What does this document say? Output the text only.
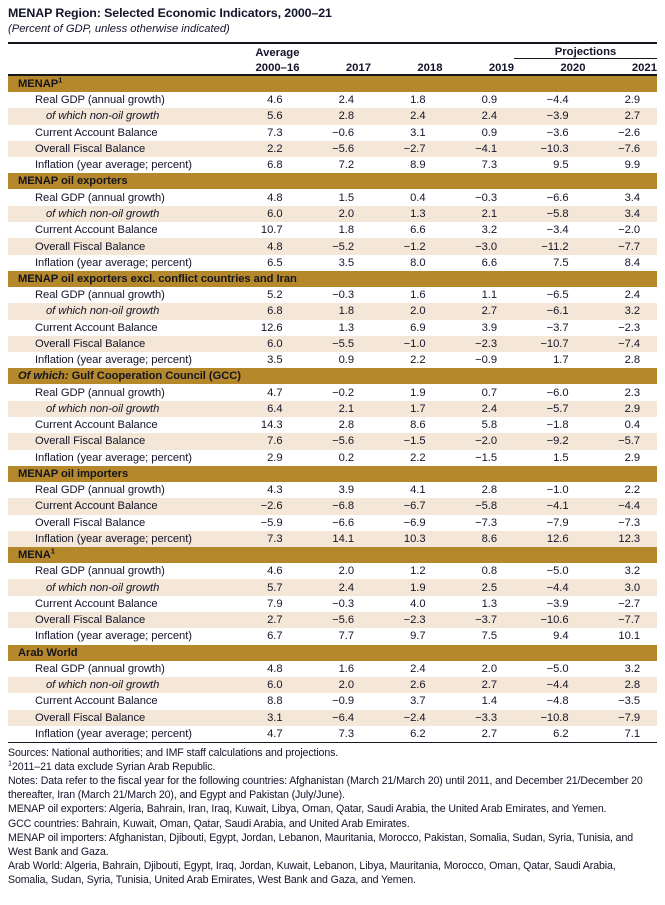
MENAP Region: Selected Economic Indicators, 2000–21
(Percent of GDP, unless otherwise indicated)

	Average				Projections	
	2000–16	2017	2018	2019	2020	2021

MENAP$^1$
Real GDP (annual growth)	4.6	2.4	1.8	0.9	−4.4	2.9
of which non-oil growth	5.6	2.8	2.4	2.4	−3.9	2.7
Current Account Balance	7.3	−0.6	3.1	0.9	−3.6	−2.6
Overall Fiscal Balance	2.2	−5.6	−2.7	−4.1	−10.3	−7.6
Inflation (year average; percent)	6.8	7.2	8.9	7.3	9.5	9.9
MENAP oil exporters						
Real GDP (annual growth)	4.8	1.5	0.4	−0.3	−6.6	3.4
of which non-oil growth	6.0	2.0	1.3	2.1	−5.8	3.4
Current Account Balance	10.7	1.8	6.6	3.2	−3.4	−2.0
Overall Fiscal Balance	4.8	−5.2	−1.2	−3.0	−11.2	−7.7
Inflation (year average; percent)	6.5	3.5	8.0	6.6	7.5	8.4
MENAP oil exporters excl. conflict countries and Iran						
Real GDP (annual growth)	5.2	−0.3	1.6	1.1	−6.5	2.4
of which non-oil growth	6.8	1.8	2.0	2.7	−6.1	3.2
Current Account Balance	12.6	1.3	6.9	3.9	−3.7	−2.3
Overall Fiscal Balance	6.0	−5.5	−1.0	−2.3	−10.7	−7.4
Inflation (year average; percent)	3.5	0.9	2.2	−0.9	1.7	2.8
Of which: Gulf Cooperation Council (GCC)						
Real GDP (annual growth)	4.7	−0.2	1.9	0.7	−6.0	2.3
of which non-oil growth	6.4	2.1	1.7	2.4	−5.7	2.9
Current Account Balance	14.3	2.8	8.6	5.8	−1.8	0.4
Overall Fiscal Balance	7.6	−5.6	−1.5	−2.0	−9.2	−5.7
Inflation (year average; percent)	2.9	0.2	2.2	−1.5	1.5	2.9
MENAP oil importers						
Real GDP (annual growth)	4.3	3.9	4.1	2.8	−1.0	2.2
Current Account Balance	−2.6	−6.8	−6.7	−5.8	−4.1	−4.4
Overall Fiscal Balance	−5.9	−6.6	−6.9	−7.3	−7.9	−7.3
Inflation (year average; percent)	7.3	14.1	10.3	8.6	12.6	12.3
MENA$^1$
Real GDP (annual growth)	4.6	2.0	1.2	0.8	−5.0	3.2
of which non-oil growth	5.7	2.4	1.9	2.5	−4.4	3.0
Current Account Balance	7.9	−0.3	4.0	1.3	−3.9	−2.7
Overall Fiscal Balance	2.7	−5.6	−2.3	−3.7	−10.6	−7.7
Inflation (year average; percent)	6.7	7.7	9.7	7.5	9.4	10.1
Arab World						
Real GDP (annual growth)	4.8	1.6	2.4	2.0	−5.0	3.2
of which non-oil growth	6.0	2.0	2.6	2.7	−4.4	2.8
Current Account Balance	8.8	−0.9	3.7	1.4	−4.8	−3.5
Overall Fiscal Balance	3.1	−6.4	−2.4	−3.3	−10.8	−7.9
Inflation (year average; percent)	4.7	7.3	6.2	2.7	6.2	7.1

Sources: National authorities; and IMF staff calculations and projections.

$^1$2011–21 data exclude Syrian Arab Republic.

Notes: Data refer to the fiscal year for the following countries: Afghanistan (March 21/March 20) until 2011, and December 21/December 20 thereafter, Iran (March 21/March 20), and Egypt and Pakistan (July/June).

MENAP oil exporters: Algeria, Bahrain, Iran, Iraq, Kuwait, Libya, Oman, Qatar, Saudi Arabia, the United Arab Emirates, and Yemen.

GCC countries: Bahrain, Kuwait, Oman, Qatar, Saudi Arabia, and United Arab Emirates.

MENAP oil importers: Afghanistan, Djibouti, Egypt, Jordan, Lebanon, Mauritania, Morocco, Pakistan, Somalia, Sudan, Syria, Tunisia, and West Bank and Gaza.

Arab World: Algeria, Bahrain, Djibouti, Egypt, Iraq, Jordan, Kuwait, Lebanon, Libya, Mauritania, Morocco, Oman, Qatar, Saudi Arabia, Somalia, Sudan, Syria, Tunisia, United Arab Emirates, West Bank and Gaza, and Yemen.
